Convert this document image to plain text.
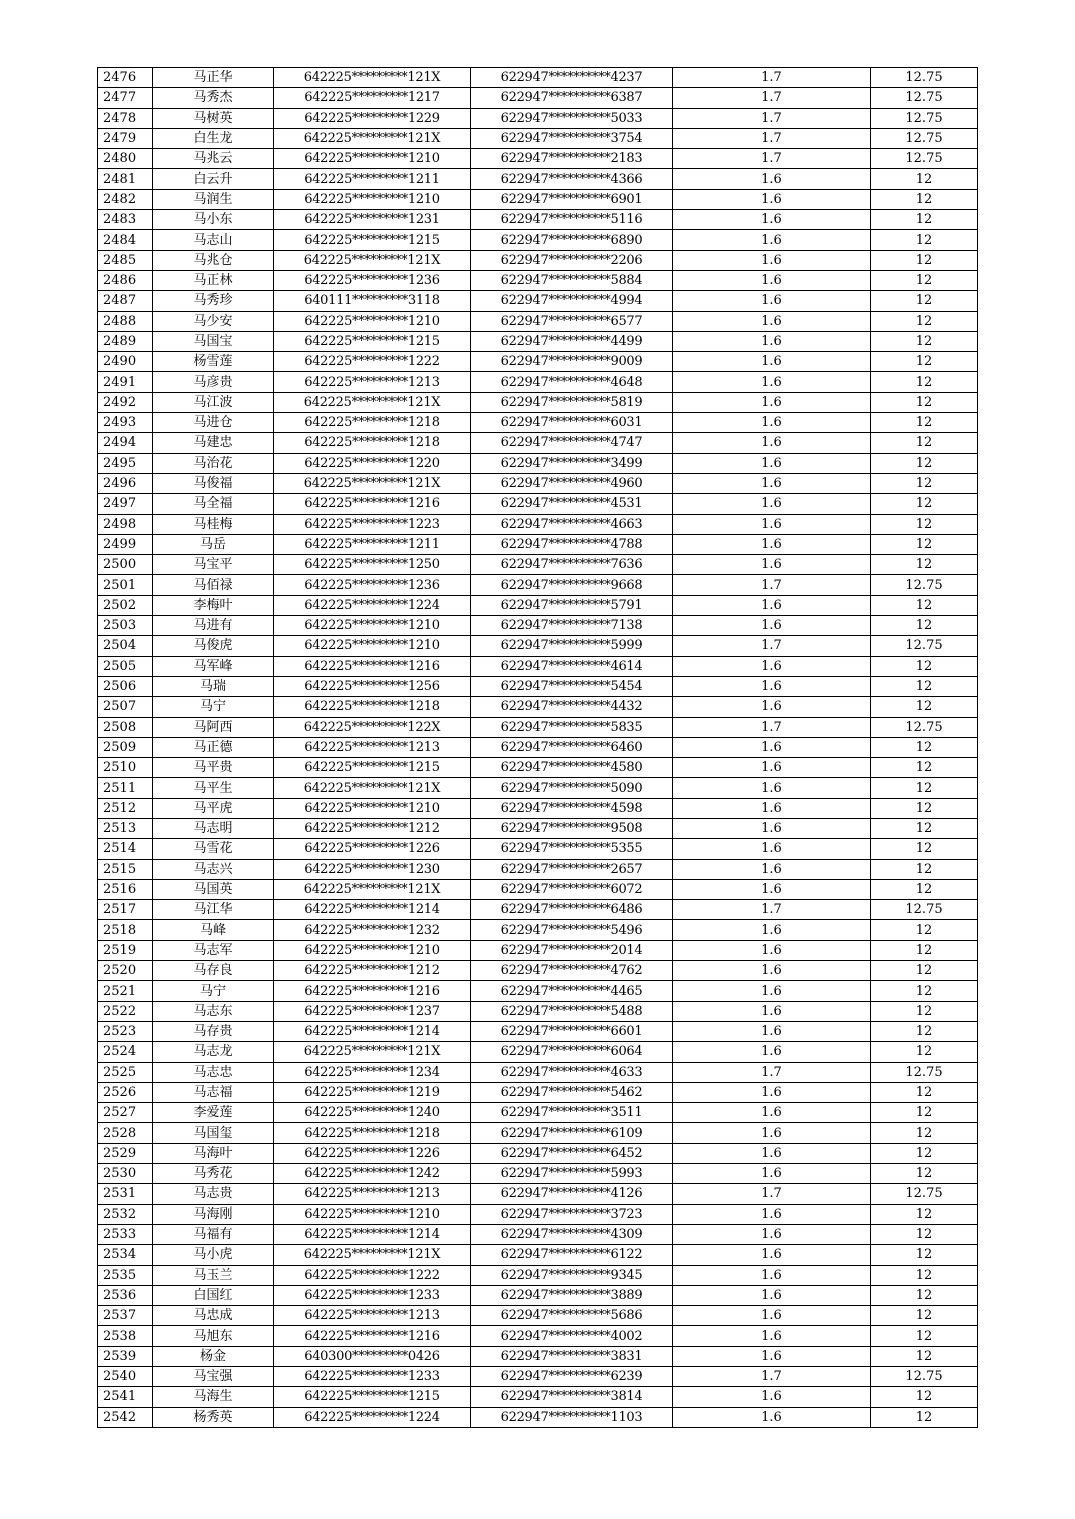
2476	马正华	642225*********121X	622947**********4237	1.7	12.75
2477	马秀杰	642225*********1217	622947**********6387	1.7	12.75
2478	马树英	642225*********1229	622947**********5033	1.7	12.75
2479	白生龙	642225*********121X	622947**********3754	1.7	12.75
2480	马兆云	642225*********1210	622947**********2183	1.7	12.75
2481	白云升	642225*********1211	622947**********4366	1.6	12
2482	马润生	642225*********1210	622947**********6901	1.6	12
2483	马小东	642225*********1231	622947**********5116	1.6	12
2484	马志山	642225*********1215	622947**********6890	1.6	12
2485	马兆仓	642225*********121X	622947**********2206	1.6	12
2486	马正林	642225*********1236	622947**********5884	1.6	12
2487	马秀珍	640111*********3118	622947**********4994	1.6	12
2488	马少安	642225*********1210	622947**********6577	1.6	12
2489	马国宝	642225*********1215	622947**********4499	1.6	12
2490	杨雪莲	642225*********1222	622947**********9009	1.6	12
2491	马彦贵	642225*********1213	622947**********4648	1.6	12
2492	马江波	642225*********121X	622947**********5819	1.6	12
2493	马进仓	642225*********1218	622947**********6031	1.6	12
2494	马建忠	642225*********1218	622947**********4747	1.6	12
2495	马治花	642225*********1220	622947**********3499	1.6	12
2496	马俊福	642225*********121X	622947**********4960	1.6	12
2497	马全福	642225*********1216	622947**********4531	1.6	12
2498	马桂梅	642225*********1223	622947**********4663	1.6	12
2499	马岳	642225*********1211	622947**********4788	1.6	12
2500	马宝平	642225*********1250	622947**********7636	1.6	12
2501	马佰禄	642225*********1236	622947**********9668	1.7	12.75
2502	李梅叶	642225*********1224	622947**********5791	1.6	12
2503	马进有	642225*********1210	622947**********7138	1.6	12
2504	马俊虎	642225*********1210	622947**********5999	1.7	12.75
2505	马军峰	642225*********1216	622947**********4614	1.6	12
2506	马瑞	642225*********1256	622947**********5454	1.6	12
2507	马宁	642225*********1218	622947**********4432	1.6	12
2508	马阿西	642225*********122X	622947**********5835	1.7	12.75
2509	马正德	642225*********1213	622947**********6460	1.6	12
2510	马平贵	642225*********1215	622947**********4580	1.6	12
2511	马平生	642225*********121X	622947**********5090	1.6	12
2512	马平虎	642225*********1210	622947**********4598	1.6	12
2513	马志明	642225*********1212	622947**********9508	1.6	12
2514	马雪花	642225*********1226	622947**********5355	1.6	12
2515	马志兴	642225*********1230	622947**********2657	1.6	12
2516	马国英	642225*********121X	622947**********6072	1.6	12
2517	马江华	642225*********1214	622947**********6486	1.7	12.75
2518	马峰	642225*********1232	622947**********5496	1.6	12
2519	马志军	642225*********1210	622947**********2014	1.6	12
2520	马存良	642225*********1212	622947**********4762	1.6	12
2521	马宁	642225*********1216	622947**********4465	1.6	12
2522	马志东	642225*********1237	622947**********5488	1.6	12
2523	马存贵	642225*********1214	622947**********6601	1.6	12
2524	马志龙	642225*********121X	622947**********6064	1.6	12
2525	马志忠	642225*********1234	622947**********4633	1.7	12.75
2526	马志福	642225*********1219	622947**********5462	1.6	12
2527	李爱莲	642225*********1240	622947**********3511	1.6	12
2528	马国玺	642225*********1218	622947**********6109	1.6	12
2529	马海叶	642225*********1226	622947**********6452	1.6	12
2530	马秀花	642225*********1242	622947**********5993	1.6	12
2531	马志贵	642225*********1213	622947**********4126	1.7	12.75
2532	马海刚	642225*********1210	622947**********3723	1.6	12
2533	马福有	642225*********1214	622947**********4309	1.6	12
2534	马小虎	642225*********121X	622947**********6122	1.6	12
2535	马玉兰	642225*********1222	622947**********9345	1.6	12
2536	白国红	642225*********1233	622947**********3889	1.6	12
2537	马忠成	642225*********1213	622947**********5686	1.6	12
2538	马旭东	642225*********1216	622947**********4002	1.6	12
2539	杨金	640300*********0426	622947**********3831	1.6	12
2540	马宝强	642225*********1233	622947**********6239	1.7	12.75
2541	马海生	642225*********1215	622947**********3814	1.6	12
2542	杨秀英	642225*********1224	622947**********1103	1.6	12
